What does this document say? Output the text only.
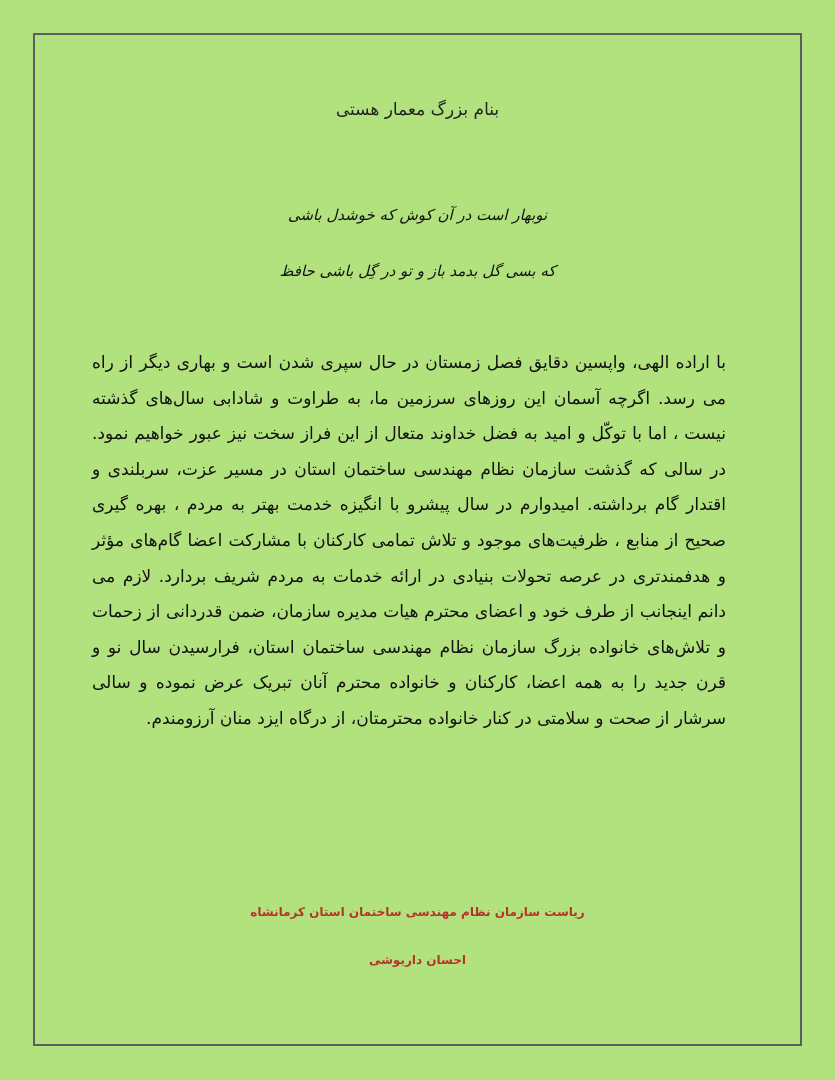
بنام بزرگ معمار هستی
نوبهار است در آن کوش که خوشدل باشی
که بسی گل بدمد باز و تو در گِل باشی حافظ
با اراده الهی، واپسین دقایق فصل زمستان در حال سپری شدن است و بهاری دیگر از راه می رسد. اگرچه آسمان این روزهای سرزمین ما، به طراوت و شادابی سال‌های گذشته نیست ، اما با توکّل و امید به فضل خداوند متعال از این فراز سخت نیز عبور خواهیم نمود. در سالی که گذشت سازمان نظام مهندسی ساختمان استان در مسیر عزت، سربلندی و اقتدار گام برداشته. امیدوارم در سال پیشرو با انگیزه خدمت بهتر به مردم ، بهره گیری صحیح از منابع ، ظرفیت‌های موجود و تلاش تمامی کارکنان با مشارکت اعضا گام‌های مؤثر و هدفمندتری در عرصه تحولات بنیادی در ارائه خدمات به مردم شریف بردارد. لازم می دانم اینجانب از طرف خود و اعضای محترم هیات مدیره سازمان، ضمن قدردانی از زحمات و تلاش‌های خانواده بزرگ سازمان نظام مهندسی ساختمان استان، فرارسیدن سال نو و قرن جدید را به همه اعضا، کارکنان و خانواده محترم آنان تبریک عرض نموده و سالی سرشار از صحت و سلامتی در کنار خانواده محترمتان، از درگاه ایزد منان آرزومندم.
ریاست سازمان نظام مهندسی ساختمان استان کرمانشاه
احسان داریوشی
